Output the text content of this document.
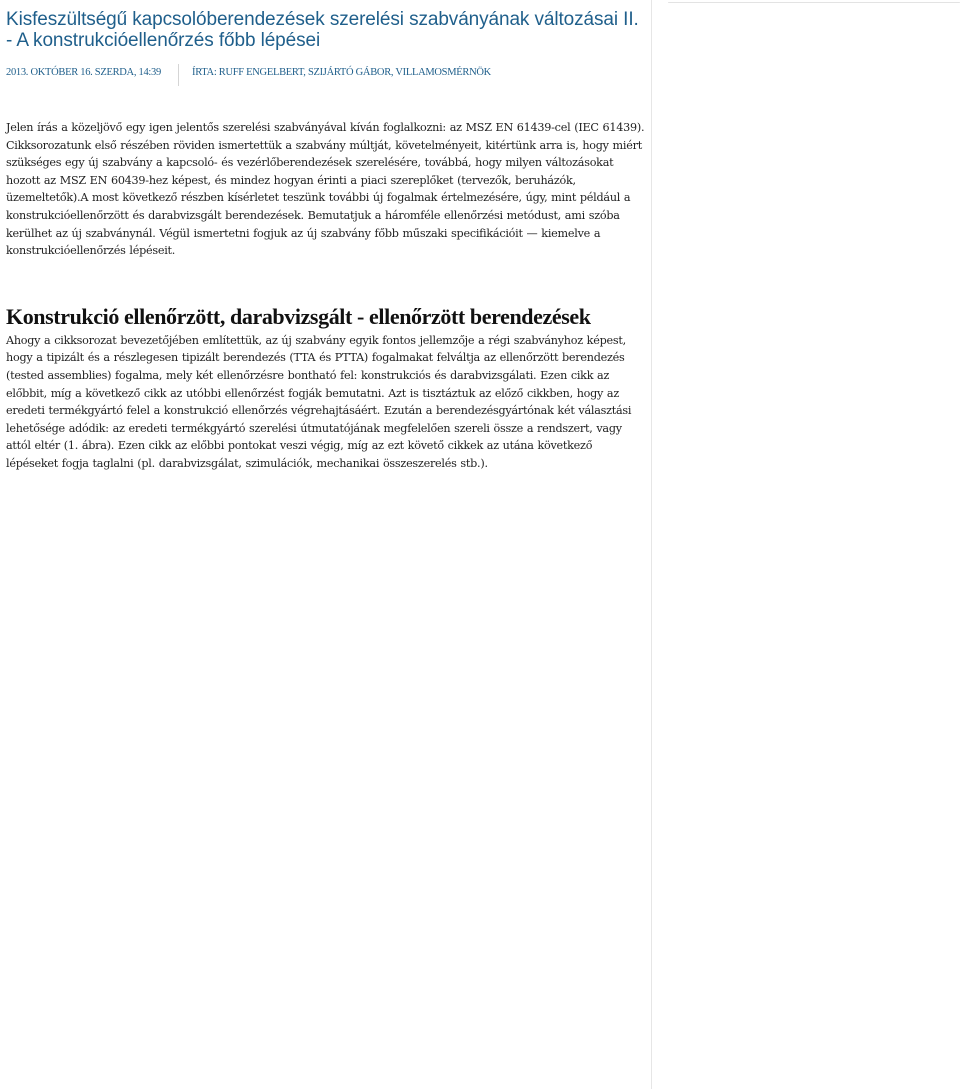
Kisfeszültségű kapcsolóberendezések szerelési szabványának változásai II. - A konstrukcióellenőrzés főbb lépései
2013. OKTÓBER 16. SZERDA, 14:39	ÍRTA: RUFF ENGELBERT, SZIJÁRTÓ GÁBOR, VILLAMOSMÉRNÖK

Jelen írás a közeljövő egy igen jelentős szerelési szabványával kíván foglalkozni: az MSZ EN 61439-cel (IEC 61439). Cikksorozatunk első részében röviden ismertettük a szabvány múltját, követelményeit, kitértünk arra is, hogy miért szükséges egy új szabvány a kapcsoló- és vezérlőberendezések szerelésére, továbbá, hogy milyen változásokat hozott az MSZ EN 60439-hez képest, és mindez hogyan érinti a piaci szereplőket (tervezők, beruházók, üzemeltetők).A most következő részben kísérletet teszünk további új fogalmak értelmezésére, úgy, mint például a konstrukcióellenőrzött és darabvizsgált berendezések. Bemutatjuk a háromféle ellenőrzési metódust, ami szóba kerülhet az új szabványnál. Végül ismertetni fogjuk az új szabvány főbb műszaki specifikációit — kiemelve a konstrukcióellenőrzés lépéseit.

Konstrukció ellenőrzött, darabvizsgált - ellenőrzött berendezések

Ahogy a cikksorozat bevezetőjében említettük, az új szabvány egyik fontos jellemzője a régi szabványhoz képest, hogy a tipizált és a részlegesen tipizált berendezés (TTA és PTTA) fogalmakat felváltja az ellenőrzött berendezés (tested assemblies) fogalma, mely két ellenőrzésre bontható fel: konstrukciós és darabvizsgálati. Ezen cikk az előbbit, míg a következő cikk az utóbbi ellenőrzést fogják bemutatni. Azt is tisztáztuk az előző cikkben, hogy az eredeti termékgyártó felel a konstrukció ellenőrzés végrehajtásáért. Ezután a berendezésgyártónak két választási lehetősége adódik: az eredeti termékgyártó szerelési útmutatójának megfelelően szereli össze a rendszert, vagy attól eltér (1. ábra). Ezen cikk az előbbi pontokat veszi végig, míg az ezt követő cikkek az utána következő lépéseket fogja taglalni (pl. darabvizsgálat, szimulációk, mechanikai összeszerelés stb.).
